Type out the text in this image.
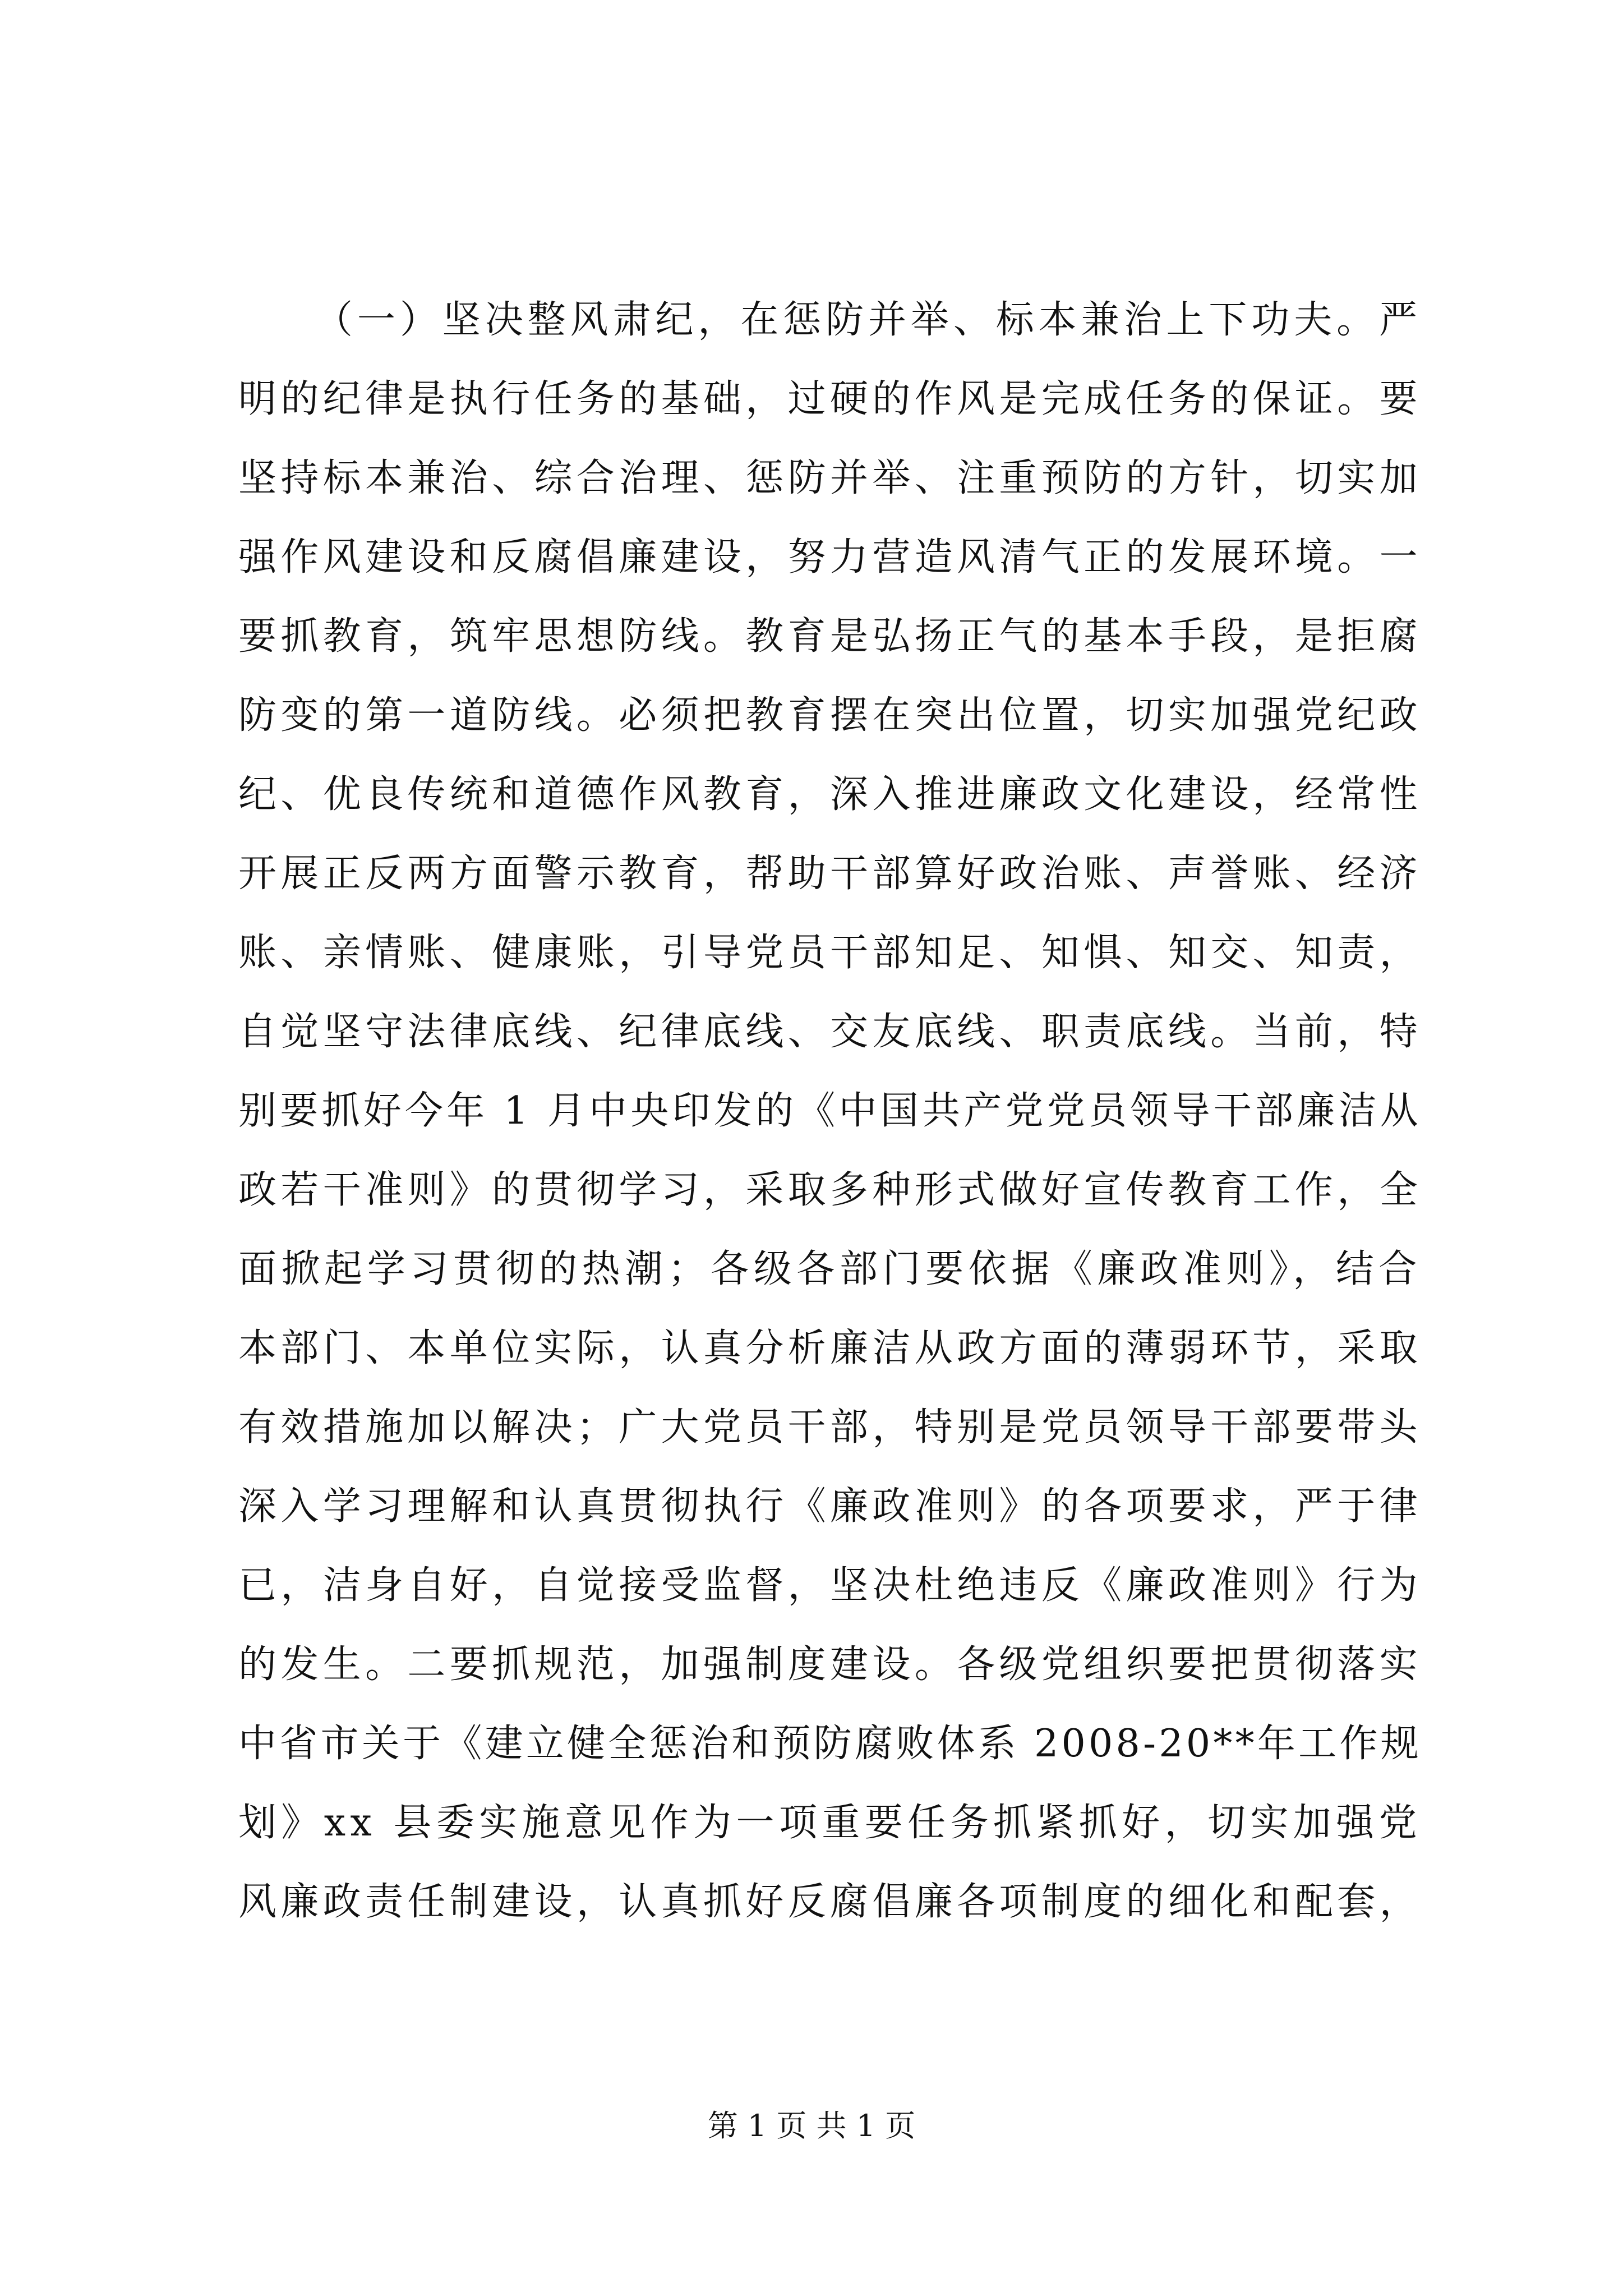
（一）坚决整风肃纪，在惩防并举、标本兼治上下功夫。严
明的纪律是执行任务的基础，过硬的作风是完成任务的保证。要
坚持标本兼治、综合治理、惩防并举、注重预防的方针，切实加
强作风建设和反腐倡廉建设，努力营造风清气正的发展环境。一
要抓教育，筑牢思想防线。教育是弘扬正气的基本手段，是拒腐
防变的第一道防线。必须把教育摆在突出位置，切实加强党纪政
纪、优良传统和道德作风教育，深入推进廉政文化建设，经常性
开展正反两方面警示教育，帮助干部算好政治账、声誉账、经济
账、亲情账、健康账，引导党员干部知足、知惧、知交、知责，
自觉坚守法律底线、纪律底线、交友底线、职责底线。当前，特
别要抓好今年 1 月中央印发的《中国共产党党员领导干部廉洁从
政若干准则》的贯彻学习，采取多种形式做好宣传教育工作，全
面掀起学习贯彻的热潮；各级各部门要依据《廉政准则》，结合
本部门、本单位实际，认真分析廉洁从政方面的薄弱环节，采取
有效措施加以解决；广大党员干部，特别是党员领导干部要带头
深入学习理解和认真贯彻执行《廉政准则》的各项要求，严于律
已，洁身自好，自觉接受监督，坚决杜绝违反《廉政准则》行为
的发生。二要抓规范，加强制度建设。各级党组织要把贯彻落实
中省市关于《建立健全惩治和预防腐败体系 2008-20**年工作规
划》xx 县委实施意见作为一项重要任务抓紧抓好，切实加强党
风廉政责任制建设，认真抓好反腐倡廉各项制度的细化和配套，
第 1 页 共 1 页
